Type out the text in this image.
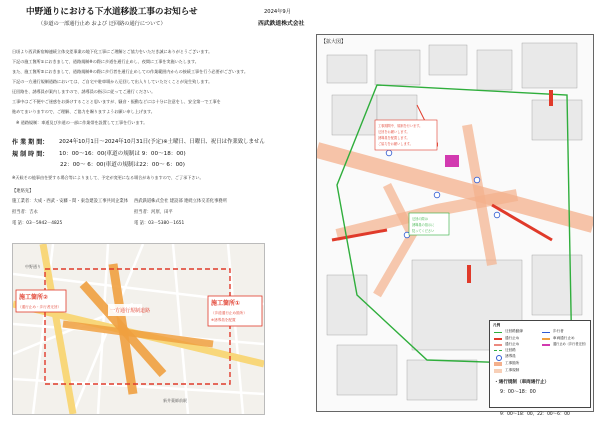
中野通りにおける下水道移設工事のお知らせ	2024年9月
（歩道の一部通行止め および 迂回路の通行について）	西武鉄道株式会社
日頃より西武新宿線連続立体交差事業の地下化工事にご理解とご協力をいただき誠にありがとうございます。
下記の施工箇所①におきまして、道路規制※の際に歩道を通行止めし、夜間に工事を実施いたします。
また、施工箇所②におきまして、道路規制※の際に歩行者を通行止めしての作業範囲内からの接続工事を行う必要がございます。
下記の一方通行規制道路においては、ご自宅や駐車場から迂回して出入りしていただくことが発生致します。
迂回路を、誘導員が案内しますので、誘導員の指示に従ってご通行ください。
工事中はご不便やご迷惑をお掛けすることと思いますが、騒音・振動などには十分に注意をし、安全第一で工事を
進めてまいりますので、ご理解、ご協力を賜りますようお願い申し上げます。
※ 道路規制：車道及び歩道の一部に作業帯を設置して工事を行います。
作 業 期 間： 2024年10月1日～2024年10月31日(予定)※土曜日、日曜日、祝日は作業致しません
規 制 時 間： 10：00～16：00(車道の規制は 9：00～18：00)
22：00～ 6：00(車道の規制は22：00～ 6：00)
※天候その他事由を要する場合等によりまして、予定が変更になる場合がありますので、ご了承下さい。
【連絡先】
施工業者：大成・西武・安藤・間・東急建設工事共同企業体 西武鉄道株式会社 建設部 連続立体交差化事務所
担当者：吉永	担当者：河原、田平
電 話：03－5942－4825	電 話：03－5380－1651
一方通行規制道路
中野通り
新井薬師前駅
施工箇所②
（通行止め・歩行者迂回）	施工箇所①
（歩道通行止め箇所）
※誘導員を配置
【拡大図】
工事期間中、規制を行います。
迂回をお願いします。
誘導員を配置します。
ご協力をお願いします。
迂回の際は
誘導員の指示に
従ってください
凡例
迂回路動線
通行止め
通行止め
迂回路
誘導員
工事箇所
工事規制
歩行者
車両通行止め
通行止め（歩行者迂回）
・通行規制（車両通行止）
9：00～18：00
9：00～18：00、22：00～6：00
